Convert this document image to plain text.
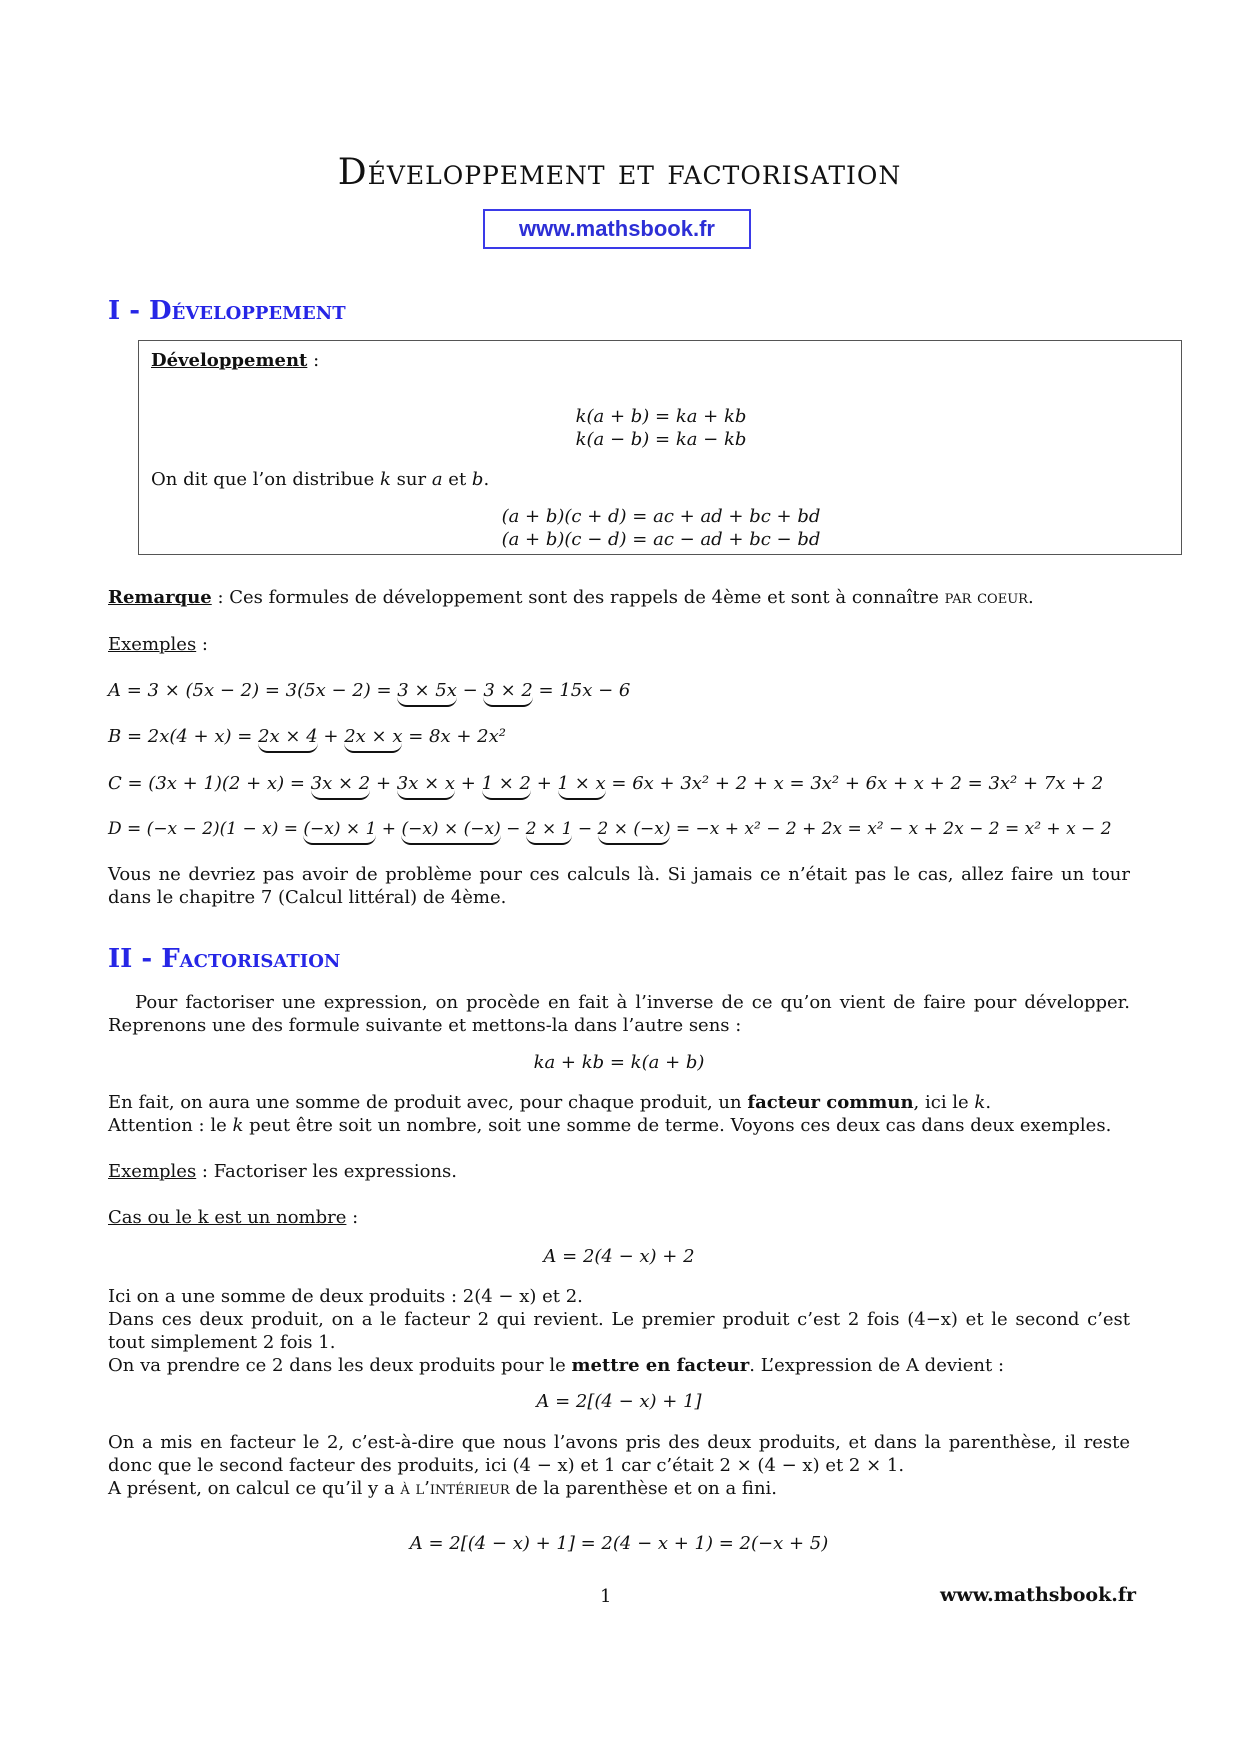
Développement et factorisation
www.mathsbook.fr
I - Développement
Développement :
k(a + b) = ka + kb
k(a − b) = ka − kb
On dit que l’on distribue k sur a et b.
(a + b)(c + d) = ac + ad + bc + bd
(a + b)(c − d) = ac − ad + bc − bd
Remarque : Ces formules de développement sont des rappels de 4ème et sont à connaître par coeur.
Exemples :
A = 3 × (5x − 2) = 3(5x − 2) = 3 × 5x − 3 × 2 = 15x − 6
B = 2x(4 + x) = 2x × 4 + 2x × x = 8x + 2x²
C = (3x + 1)(2 + x) = 3x × 2 + 3x × x + 1 × 2 + 1 × x = 6x + 3x² + 2 + x = 3x² + 6x + x + 2 = 3x² + 7x + 2
D = (−x − 2)(1 − x) = (−x) × 1 + (−x) × (−x) − 2 × 1 − 2 × (−x) = −x + x² − 2 + 2x = x² − x + 2x − 2 = x² + x − 2
Vous ne devriez pas avoir de problème pour ces calculs là. Si jamais ce n’était pas le cas, allez faire un tour dans le chapitre 7 (Calcul littéral) de 4ème.
II - Factorisation
Pour factoriser une expression, on procède en fait à l’inverse de ce qu’on vient de faire pour développer. Reprenons une des formule suivante et mettons-la dans l’autre sens :
ka + kb = k(a + b)
En fait, on aura une somme de produit avec, pour chaque produit, un facteur commun, ici le k.
Attention : le k peut être soit un nombre, soit une somme de terme. Voyons ces deux cas dans deux exemples.
Exemples : Factoriser les expressions.
Cas ou le k est un nombre :
A = 2(4 − x) + 2
Ici on a une somme de deux produits : 2(4 − x) et 2.
Dans ces deux produit, on a le facteur 2 qui revient. Le premier produit c’est 2 fois (4−x) et le second c’est tout simplement 2 fois 1.
On va prendre ce 2 dans les deux produits pour le mettre en facteur. L’expression de A devient :
A = 2[(4 − x) + 1]
On a mis en facteur le 2, c’est-à-dire que nous l’avons pris des deux produits, et dans la parenthèse, il reste donc que le second facteur des produits, ici (4 − x) et 1 car c’était 2 × (4 − x) et 2 × 1.
A présent, on calcul ce qu’il y a à l’intérieur de la parenthèse et on a fini.
A = 2[(4 − x) + 1] = 2(4 − x + 1) = 2(−x + 5)
1	www.mathsbook.fr
